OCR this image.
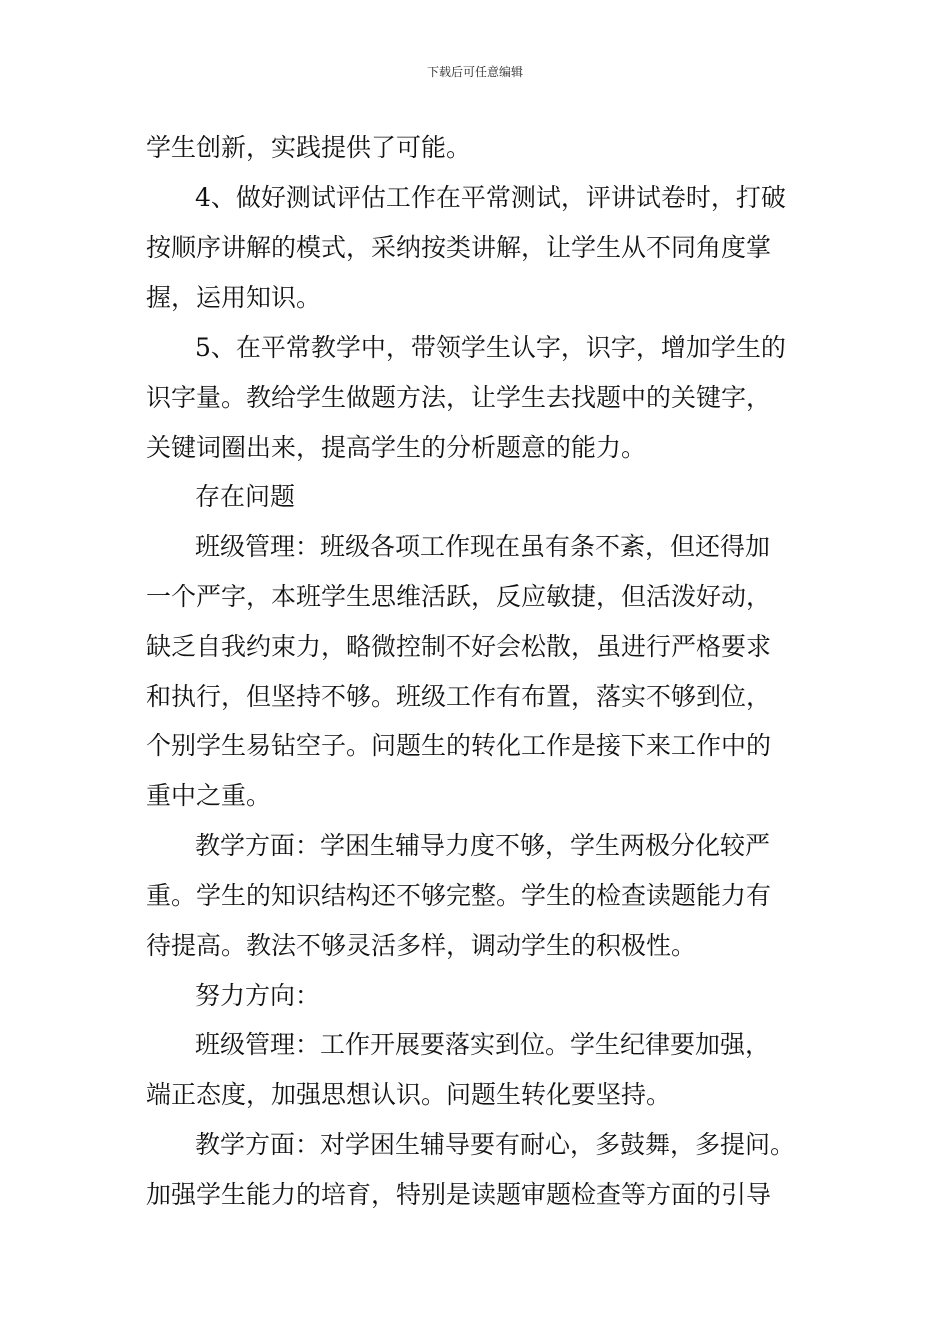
下载后可任意编辑
学生创新，实践提供了可能。
4、做好测试评估工作在平常测试，评讲试卷时，打破
按顺序讲解的模式，采纳按类讲解，让学生从不同角度掌
握，运用知识。
5、在平常教学中，带领学生认字，识字，增加学生的
识字量。教给学生做题方法，让学生去找题中的关键字，
关键词圈出来，提高学生的分析题意的能力。
存在问题
班级管理：班级各项工作现在虽有条不紊，但还得加
一个严字，本班学生思维活跃，反应敏捷，但活泼好动，
缺乏自我约束力，略微控制不好会松散，虽进行严格要求
和执行，但坚持不够。班级工作有布置，落实不够到位，
个别学生易钻空子。问题生的转化工作是接下来工作中的
重中之重。
教学方面：学困生辅导力度不够，学生两极分化较严
重。学生的知识结构还不够完整。学生的检查读题能力有
待提高。教法不够灵活多样，调动学生的积极性。
努力方向：
班级管理：工作开展要落实到位。学生纪律要加强，
端正态度，加强思想认识。问题生转化要坚持。
教学方面：对学困生辅导要有耐心，多鼓舞，多提问。
加强学生能力的培育，特别是读题审题检查等方面的引导
